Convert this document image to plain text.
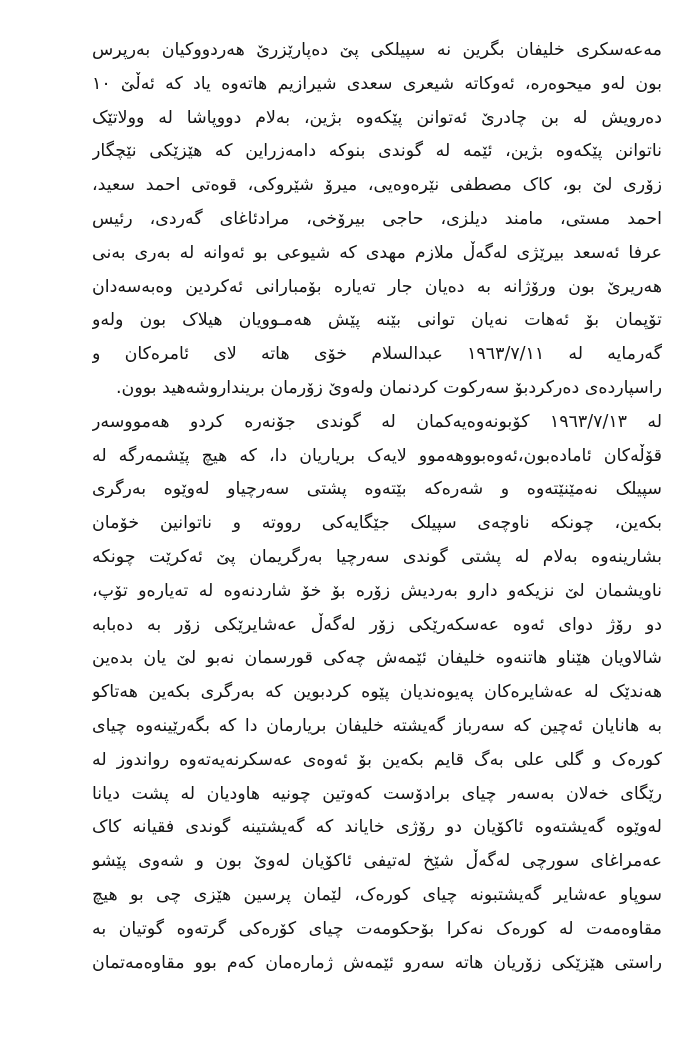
مەعەسکری خلیفان بگرین نە سپیلکی پێ دەپارێزرێ هەردووکیان بەرپرس
بون لەو میحوەرە، ئەوکاتە شیعری سعدی شیرازیم هاتەوە یاد کە ئەڵێ ١٠
دەرویش لە بن چادرێ ئەتوانن پێکەوە بژین، بەلام دووپاشا لە وولاتێک
ناتوانن پێکەوە بژین، ئێمە لە گوندی بنوکە دامەزراین کە هێزێکی نێچگار
زۆری لێ بو، کاک مصطفی نێرەوەیی، میرۆ شێروکی، قوەتی احمد سعید،
احمد مستی، مامند دیلزی، حاجی بیرۆخی، مرادئاغای گەردی، رئیس
عرفا ئەسعد بیرێژی لەگەڵ ملازم مهدی کە شیوعی بو ئەوانە لە بەری بەنی
هەریرێ بون ورۆژانە بە دەیان جار تەیارە بۆمبارانی ئەکردین وەبەسەدان
تۆپمان بۆ ئەهات نەیان توانی بێنە پێش هەمـوویان هیلاک بون ولەو
گەرمایە لە ١٩٦٣/٧/١١ عبدالسلام خۆی هاتە لای ئامرەکان و
راسپاردەی دەرکردبۆ سەرکوت کردنمان ولەوێ زۆرمان برینداروشەهید بوون.
لە ١٩٦٣/٧/١٣ کۆبونەوەیەکمان لە گوندی جۆنەرە کردو هەمووسەر
قۆڵەکان ئامادەبون،ئەوەبووهەموو لایەک بریاریان دا، کە هیچ پێشمەرگە لە
سپیلک نەمێنێتەوە و شەرەکە بێتەوە پشتی سەرچیاو لەوێوە بەرگری
بکەین، چونکە ناوچەی سپیلک جێگایەکی رووتە و ناتوانین خۆمان
بشارینەوە بەلام لە پشتی گوندی سەرچیا بەرگریمان پێ ئەکرێت چونکە
ناویشمان لێ نزیکەو دارو بەردیش زۆرە بۆ خۆ شاردنەوە لە تەیارەو تۆپ،
دو رۆژ دوای ئەوە عەسکەرێکی زۆر لەگەڵ عەشایرێکی زۆر بە دەبابە
شالاویان هێناو هاتنەوە خلیفان ئێمەش چەکی قورسمان نەبو لێ یان بدەین
هەندێک لە عەشایرەکان پەیوەندیان پێوە کردبوین کە بەرگری بکەین هەتاکو
بە هانایان ئەچین کە سەرباز گەیشتە خلیفان بریارمان دا کە بگەرێینەوە چیای
کورەک و گلی علی بەگ قایم بکەین بۆ ئەوەی عەسکرنەیەتەوە رواندوز لە
رێگای خەلان بەسەر چیای برادۆست کەوتین چونیە هاودیان لە پشت دیانا
لەوێوە گەیشتەوە ئاکۆیان دو رۆژی خایاند کە گەیشتینە گوندی فقیانە کاک
عەمراغای سورچی لەگەڵ شێخ لەتیفی ئاکۆیان لەوێ بون و شەوی پێشو
سوپاو عەشایر گەیشتبونە چیای کورەک، لێمان پرسین هێزی چی بو هیچ
مقاوەمەت لە کورەک نەکرا بۆحکومەت چیای کۆرەکی گرتەوە گوتیان بە
راستی هێزێکی زۆریان هاتە سەرو ئێمەش ژمارەمان کەم بوو مقاوەمەتمان
